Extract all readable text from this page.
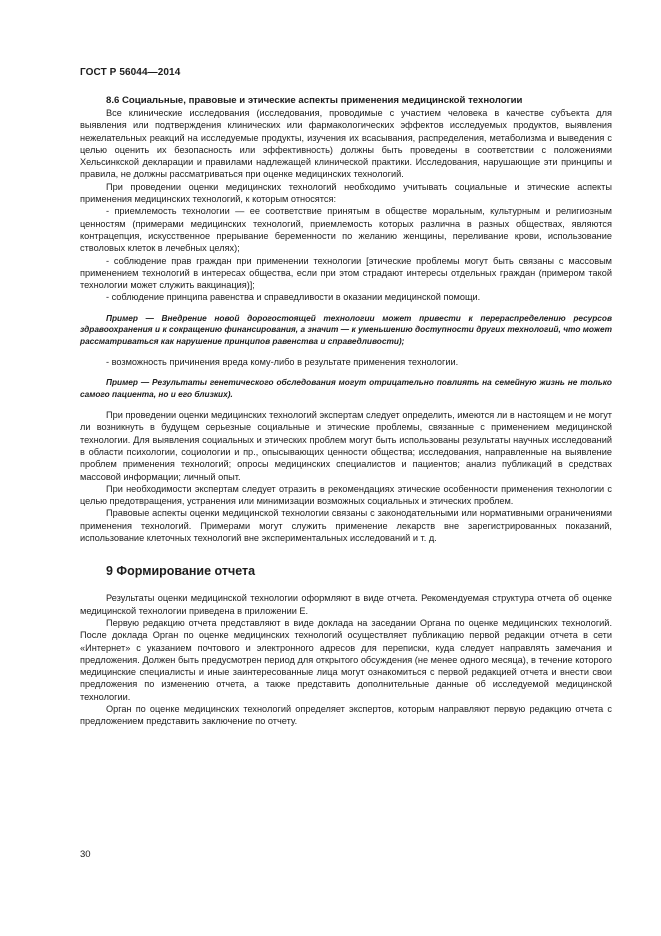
ГОСТ Р 56044—2014

8.6 Социальные, правовые и этические аспекты применения медицинской технологии

Все клинические исследования (исследования, проводимые с участием человека в качестве субъекта для выявления или подтверждения клинических или фармакологических эффектов исследуемых продуктов, выявления нежелательных реакций на исследуемые продукты, изучения их всасывания, распределения, метаболизма и выведения с целью оценить их безопасность или эффективность) должны быть проведены в соответствии с положениями Хельсинкской декларации и правилами надлежащей клинической практики. Исследования, нарушающие эти принципы и правила, не должны рассматриваться при оценке медицинских технологий.

При проведении оценки медицинских технологий необходимо учитывать социальные и этические аспекты применения медицинских технологий, к которым относятся:

- приемлемость технологии — ее соответствие принятым в обществе моральным, культурным и религиозным ценностям (примерами медицинских технологий, приемлемость которых различна в разных обществах, являются контрацепция, искусственное прерывание беременности по желанию женщины, переливание крови, использование стволовых клеток в лечебных целях);

- соблюдение прав граждан при применении технологии [этические проблемы могут быть связаны с массовым применением технологий в интересах общества, если при этом страдают интересы отдельных граждан (примером такой технологии может служить вакцинация)];

- соблюдение принципа равенства и справедливости в оказании медицинской помощи.

Пример — Внедрение новой дорогостоящей технологии может привести к перераспределению ресурсов здравоохранения и к сокращению финансирования, а значит — к уменьшению доступности других технологий, что может рассматриваться как нарушение принципов равенства и справедливости);

- возможность причинения вреда кому-либо в результате применения технологии.

Пример — Результаты генетического обследования могут отрицательно повлиять на семейную жизнь не только самого пациента, но и его близких).

При проведении оценки медицинских технологий экспертам следует определить, имеются ли в настоящем и не могут ли возникнуть в будущем серьезные социальные и этические проблемы, связанные с применением медицинской технологии. Для выявления социальных и этических проблем могут быть использованы результаты научных исследований в области психологии, социологии и пр., опысывающих ценности общества; исследования, направленные на выявление проблем применения технологий; опросы медицинских специалистов и пациентов; анализ публикаций в средствах массовой информации; личный опыт.

При необходимости экспертам следует отразить в рекомендациях этические особенности применения технологии с целью предотвращения, устранения или минимизации возможных социальных и этических проблем.

Правовые аспекты оценки медицинской технологии связаны с законодательными или нормативными ограничениями применения технологий. Примерами могут служить применение лекарств вне зарегистрированных показаний, использование клеточных технологий вне экспериментальных исследований и т. д.

9 Формирование отчета

Результаты оценки медицинской технологии оформляют в виде отчета. Рекомендуемая структура отчета об оценке медицинской технологии приведена в приложении Е.

Первую редакцию отчета представляют в виде доклада на заседании Органа по оценке медицинских технологий. После доклада Орган по оценке медицинских технологий осуществляет публикацию первой редакции отчета в сети «Интернет» с указанием почтового и электронного адресов для переписки, куда следует направлять замечания и предложения. Должен быть предусмотрен период для открытого обсуждения (не менее одного месяца), в течение которого медицинские специалисты и иные заинтересованные лица могут ознакомиться с первой редакцией отчета и внести свои предложения по изменению отчета, а также представить дополнительные данные об исследуемой медицинской технологии.

Орган по оценке медицинских технологий определяет экспертов, которым направляют первую редакцию отчета с предложением представить заключение по отчету.

30
